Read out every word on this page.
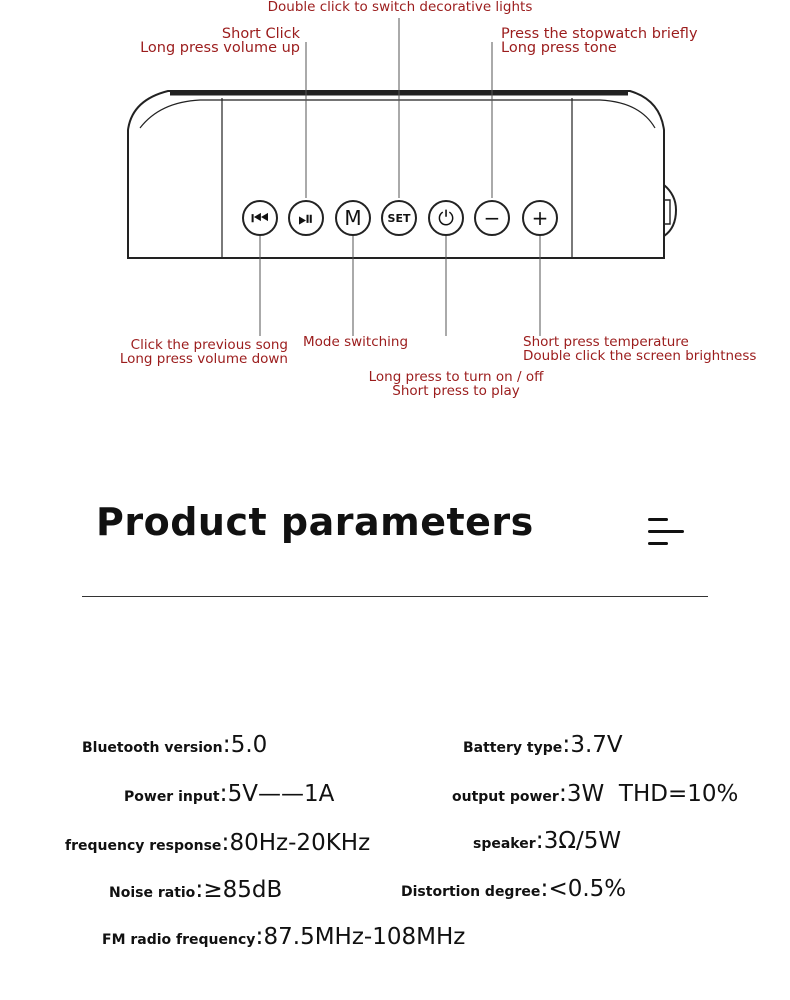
⏮ ⏯ M SET ⏻ − +
Double click to switch decorative lights
Short Click
Long press volume up
Press the stopwatch briefly
Long press tone
Click the previous song
Long press volume down
Mode switching
Long press to turn on / off
Short press to play
Short press temperature
Double click the screen brightness
Product parameters
Bluetooth version:5.0	Battery type:3.7V
Power input:5V——1A	output power:3W  THD=10%
frequency response:80Hz-20KHz	speaker:3Ω/5W
Noise ratio:≥85dB	Distortion degree:<0.5%
FM radio frequency:87.5MHz-108MHz
